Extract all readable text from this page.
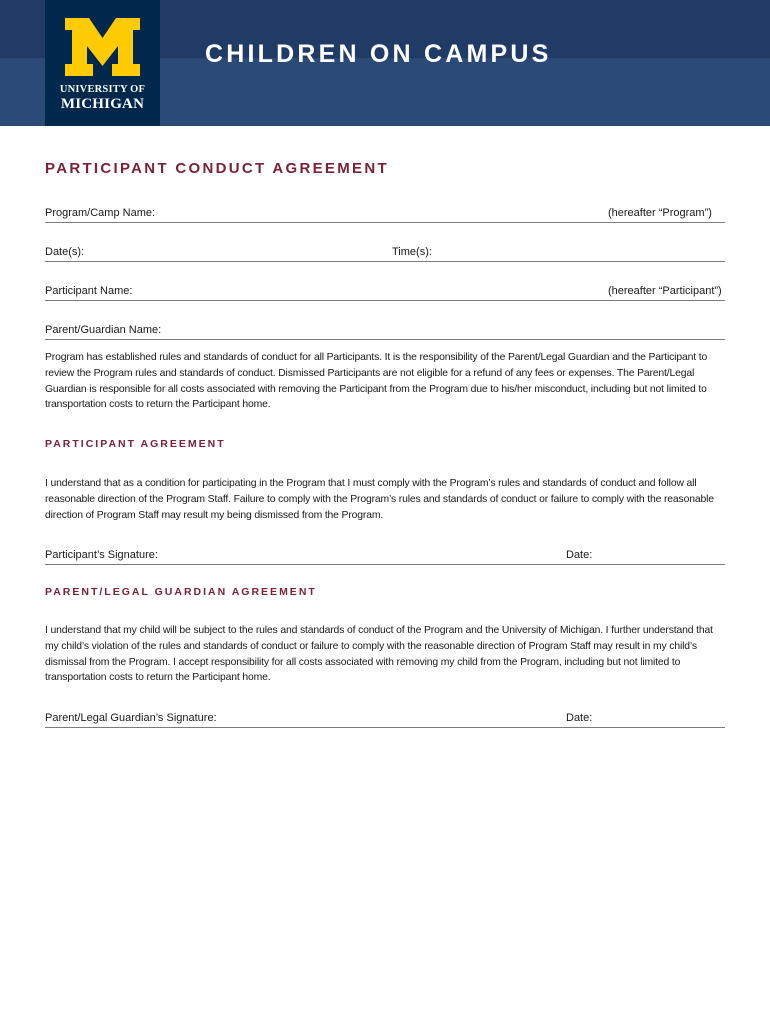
UNIVERSITY OF
MICHIGAN
CHILDREN ON CAMPUS
PARTICIPANT CONDUCT AGREEMENT
Program/Camp Name:	(hereafter “Program”)
Date(s):	Time(s):
Participant Name:	(hereafter “Participant”)
Parent/Guardian Name:

Program has established rules and standards of conduct for all Participants. It is the responsibility of the Parent/Legal Guardian and the Participant to review the Program rules and standards of conduct. Dismissed Participants are not eligible for a refund of any fees or expenses. The Parent/Legal Guardian is responsible for all costs associated with removing the Participant from the Program due to his/her misconduct, including but not limited to transportation costs to return the Participant home.

PARTICIPANT AGREEMENT

I understand that as a condition for participating in the Program that I must comply with the Program’s rules and standards of conduct and follow all reasonable direction of the Program Staff. Failure to comply with the Program’s rules and standards of conduct or failure to comply with the reasonable direction of Program Staff may result my being dismissed from the Program.

Participant’s Signature:	Date:
PARENT/LEGAL GUARDIAN AGREEMENT

I understand that my child will be subject to the rules and standards of conduct of the Program and the University of Michigan. I further understand that my child’s violation of the rules and standards of conduct or failure to comply with the reasonable direction of Program Staff may result in my child’s dismissal from the Program. I accept responsibility for all costs associated with removing my child from the Program, including but not limited to transportation costs to return the Participant home.

Parent/Legal Guardian’s Signature:	Date:
